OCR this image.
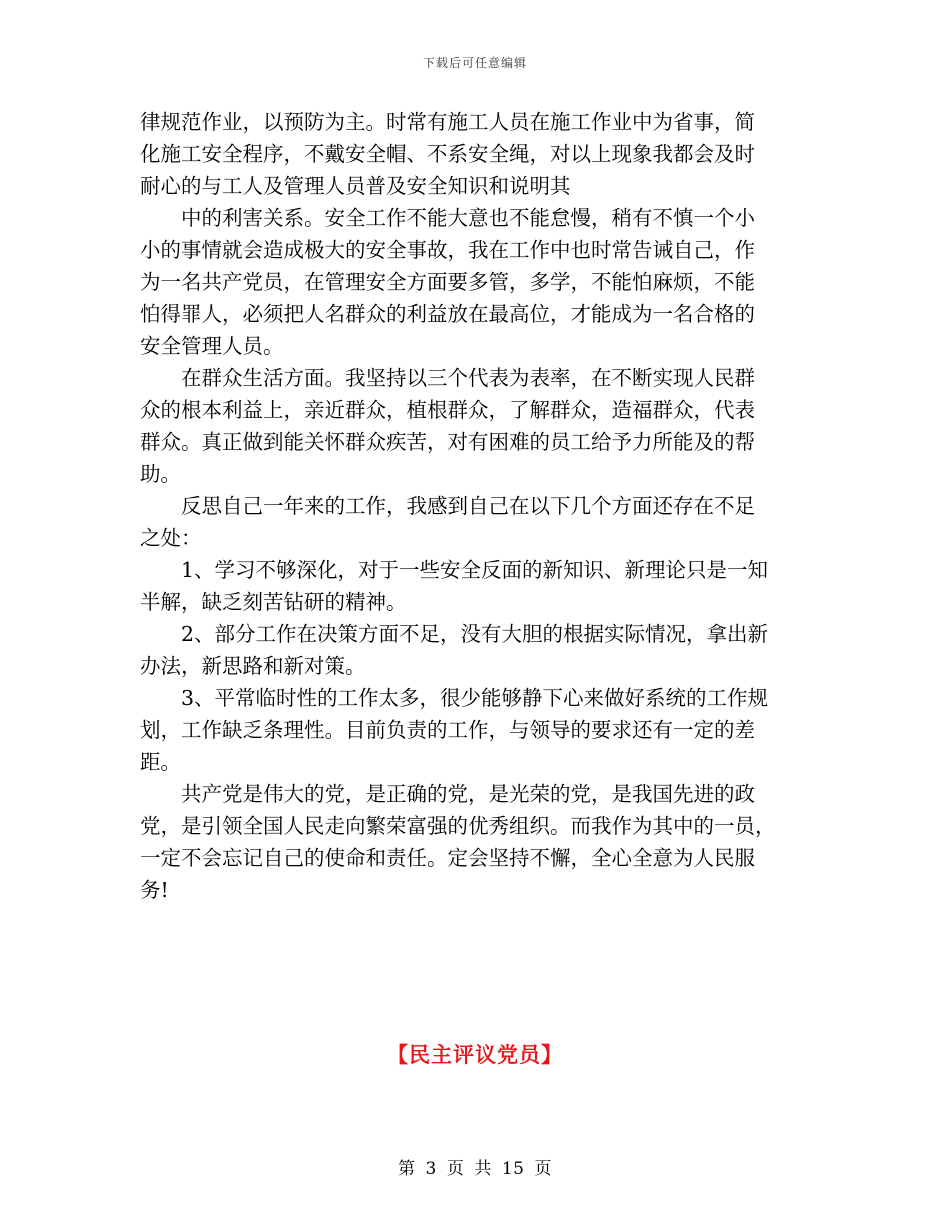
下载后可任意编辑
律规范作业，以预防为主。时常有施工人员在施工作业中为省事，简
化施工安全程序，不戴安全帽、不系安全绳，对以上现象我都会及时
耐心的与工人及管理人员普及安全知识和说明其
中的利害关系。安全工作不能大意也不能怠慢，稍有不慎一个小
小的事情就会造成极大的安全事故，我在工作中也时常告诫自己，作
为一名共产党员，在管理安全方面要多管，多学，不能怕麻烦，不能
怕得罪人，必须把人名群众的利益放在最高位，才能成为一名合格的
安全管理人员。
在群众生活方面。我坚持以三个代表为表率，在不断实现人民群
众的根本利益上，亲近群众，植根群众，了解群众，造福群众，代表
群众。真正做到能关怀群众疾苦，对有困难的员工给予力所能及的帮
助。
反思自己一年来的工作，我感到自己在以下几个方面还存在不足
之处：
1、学习不够深化，对于一些安全反面的新知识、新理论只是一知
半解，缺乏刻苦钻研的精神。
2、部分工作在决策方面不足，没有大胆的根据实际情况，拿出新
办法，新思路和新对策。
3、平常临时性的工作太多，很少能够静下心来做好系统的工作规
划，工作缺乏条理性。目前负责的工作，与领导的要求还有一定的差
距。
共产党是伟大的党，是正确的党，是光荣的党，是我国先进的政
党，是引领全国人民走向繁荣富强的优秀组织。而我作为其中的一员，
一定不会忘记自己的使命和责任。定会坚持不懈，全心全意为人民服
务!
【民主评议党员】
第 3 页 共 15 页
